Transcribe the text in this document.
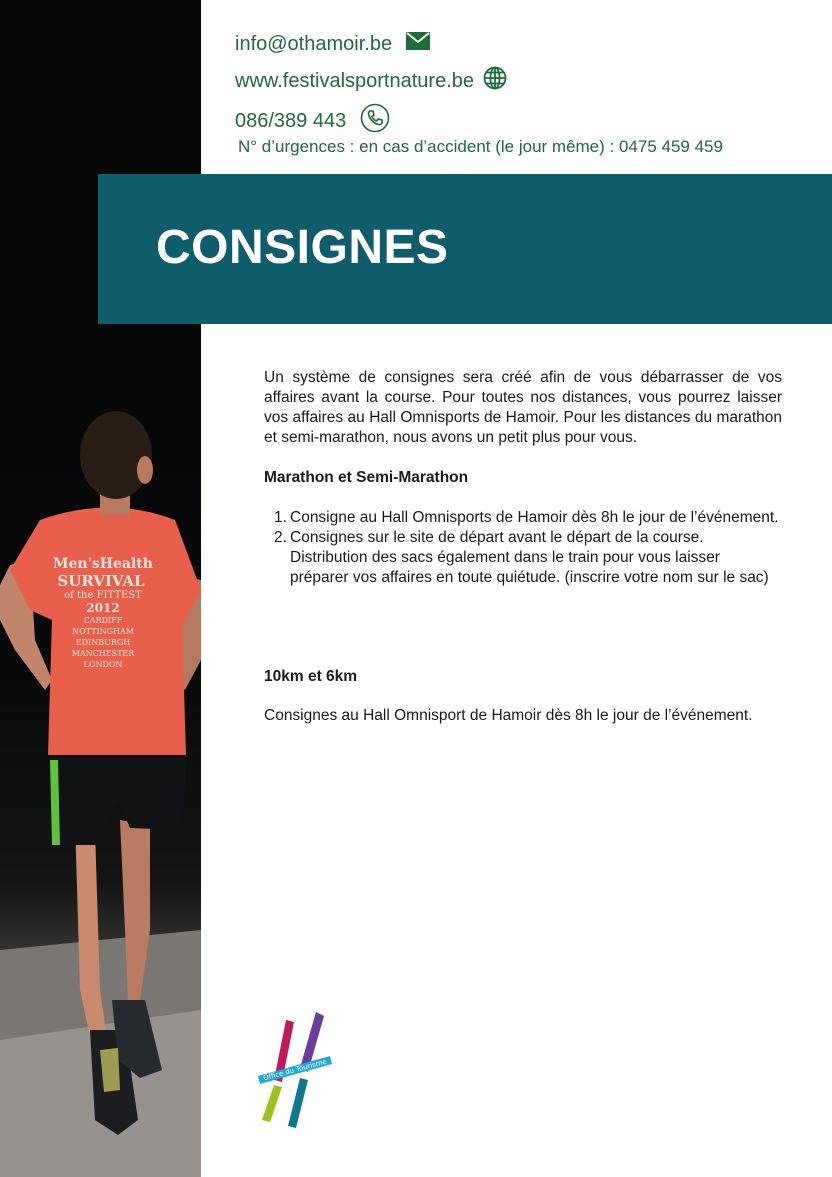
Men'sHealth
SURVIVAL
of the FITTEST
2012
CARDIFF
NOTTINGHAM
EDINBURGH
MANCHESTER
LONDON
info@othamoir.be
www.festivalsportnature.be
086/389 443
N° d’urgences : en cas d’accident (le jour même) : 0475 459 459
CONSIGNES

Un système de consignes sera créé afin de vous débarrasser de vos affaires avant la course. Pour toutes nos distances, vous pourrez laisser vos affaires au Hall Omnisports de Hamoir. Pour les distances du marathon et semi-marathon, nous avons un petit plus pour vous.

Marathon et Semi-Marathon

1. Consigne au Hall Omnisports de Hamoir dès 8h le jour de l’événement.
2. Consignes sur le site de départ avant le départ de la course. Distribution des sacs également dans le train pour vous laisser préparer vos affaires en toute quiétude. (inscrire votre nom sur le sac)

10km et 6km

Consignes au Hall Omnisport de Hamoir dès 8h le jour de l’événement.

Office du Tourisme
